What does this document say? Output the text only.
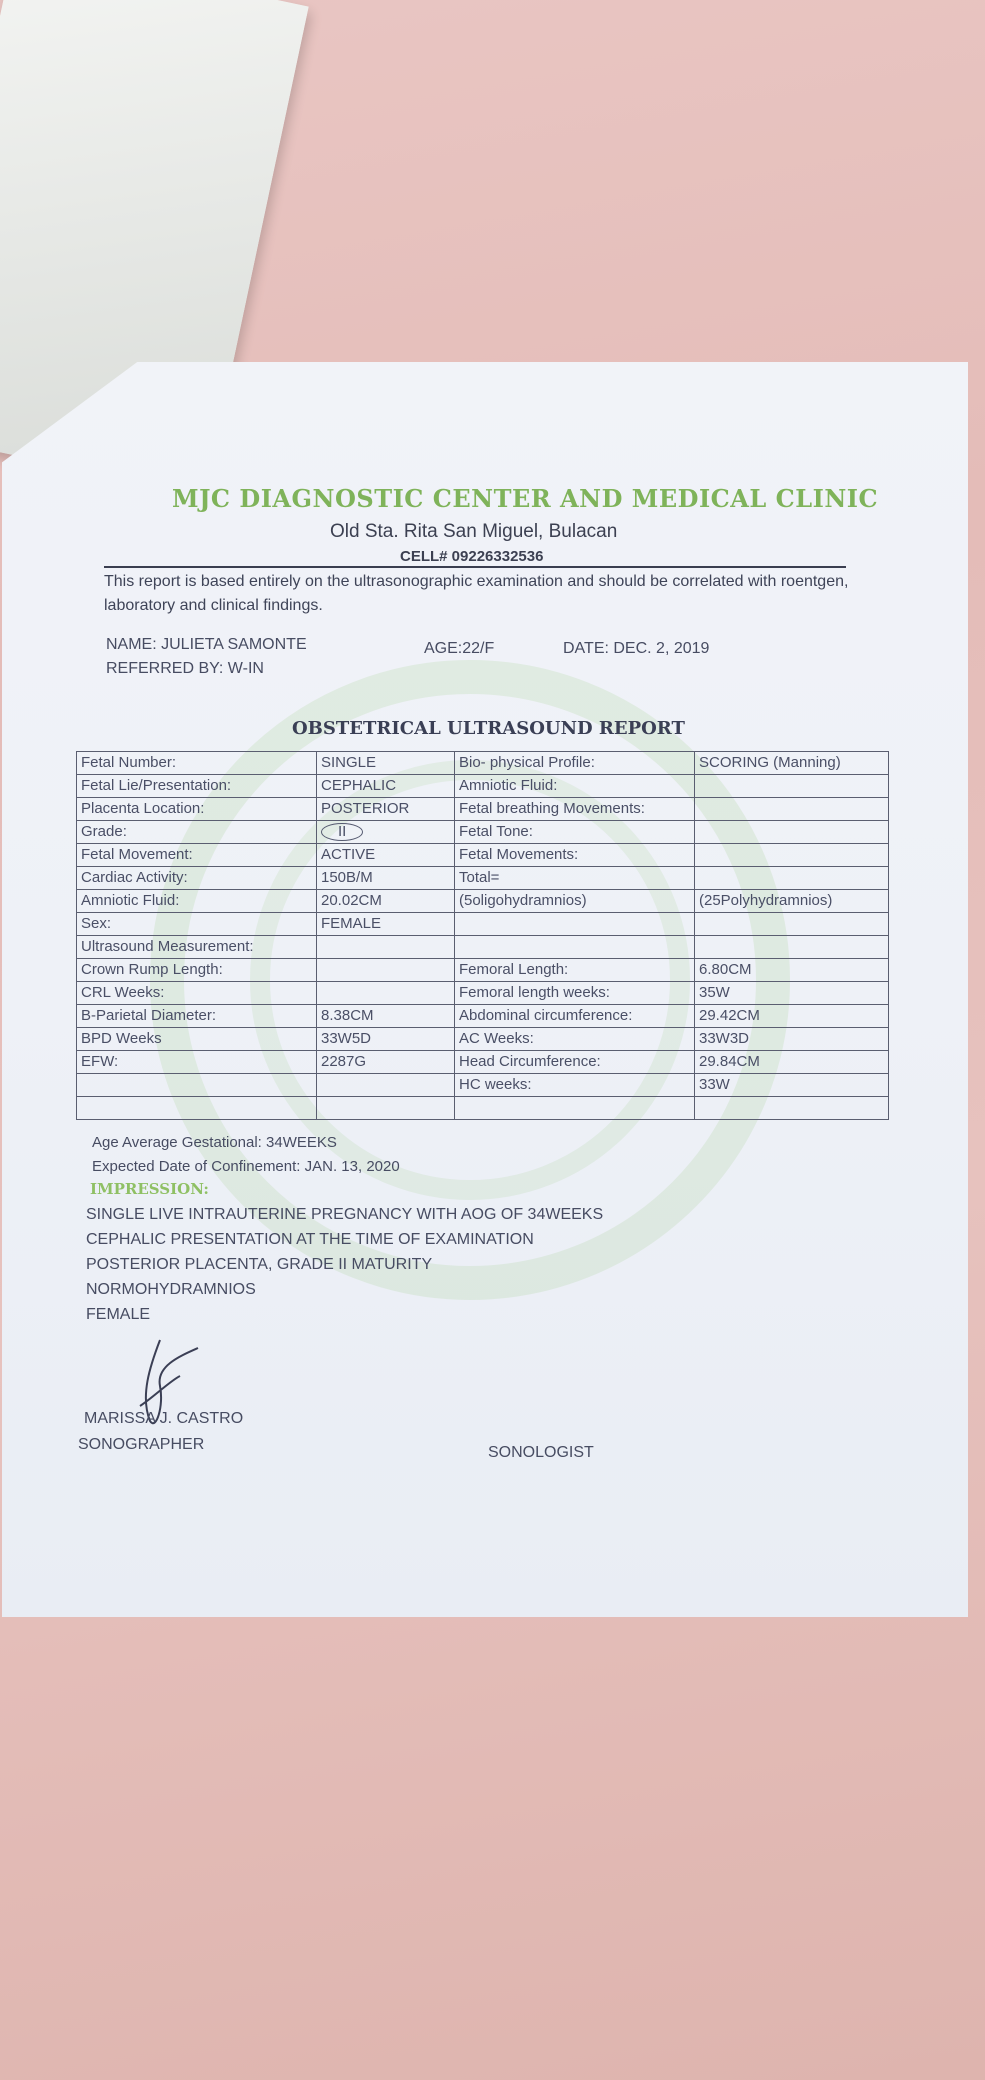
MJC DIAGNOSTIC CENTER AND MEDICAL CLINIC
Old Sta. Rita San Miguel, Bulacan
CELL# 09226332536
This report is based entirely on the ultrasonographic examination and should be correlated with roentgen, laboratory and clinical findings.
NAME: JULIETA SAMONTE	AGE:22/F	DATE: DEC. 2, 2019
REFERRED BY: W-IN
OBSTETRICAL ULTRASOUND REPORT
Fetal Number:	SINGLE	Bio- physical Profile:	SCORING (Manning)
Fetal Lie/Presentation:	CEPHALIC	Amniotic Fluid:	
Placenta Location:	POSTERIOR	Fetal breathing Movements:	
Grade:	II	Fetal Tone:	
Fetal Movement:	ACTIVE	Fetal Movements:	
Cardiac Activity:	150B/M	Total=	
Amniotic Fluid:	20.02CM	(5oligohydramnios)	(25Polyhydramnios)
Sex:	FEMALE		
Ultrasound Measurement:			
Crown Rump Length:		Femoral Length:	6.80CM
CRL Weeks:		Femoral length weeks:	35W
B-Parietal Diameter:	8.38CM	Abdominal circumference:	29.42CM
BPD Weeks	33W5D	AC Weeks:	33W3D
EFW:	2287G	Head Circumference:	29.84CM
		HC weeks:	33W

Age Average Gestational: 34WEEKS
Expected Date of Confinement: JAN. 13, 2020
IMPRESSION:
SINGLE LIVE INTRAUTERINE PREGNANCY WITH AOG OF 34WEEKS
CEPHALIC PRESENTATION AT THE TIME OF EXAMINATION
POSTERIOR PLACENTA, GRADE II MATURITY
NORMOHYDRAMNIOS
FEMALE
MARISSA J. CASTRO
SONOGRAPHER	SONOLOGIST
